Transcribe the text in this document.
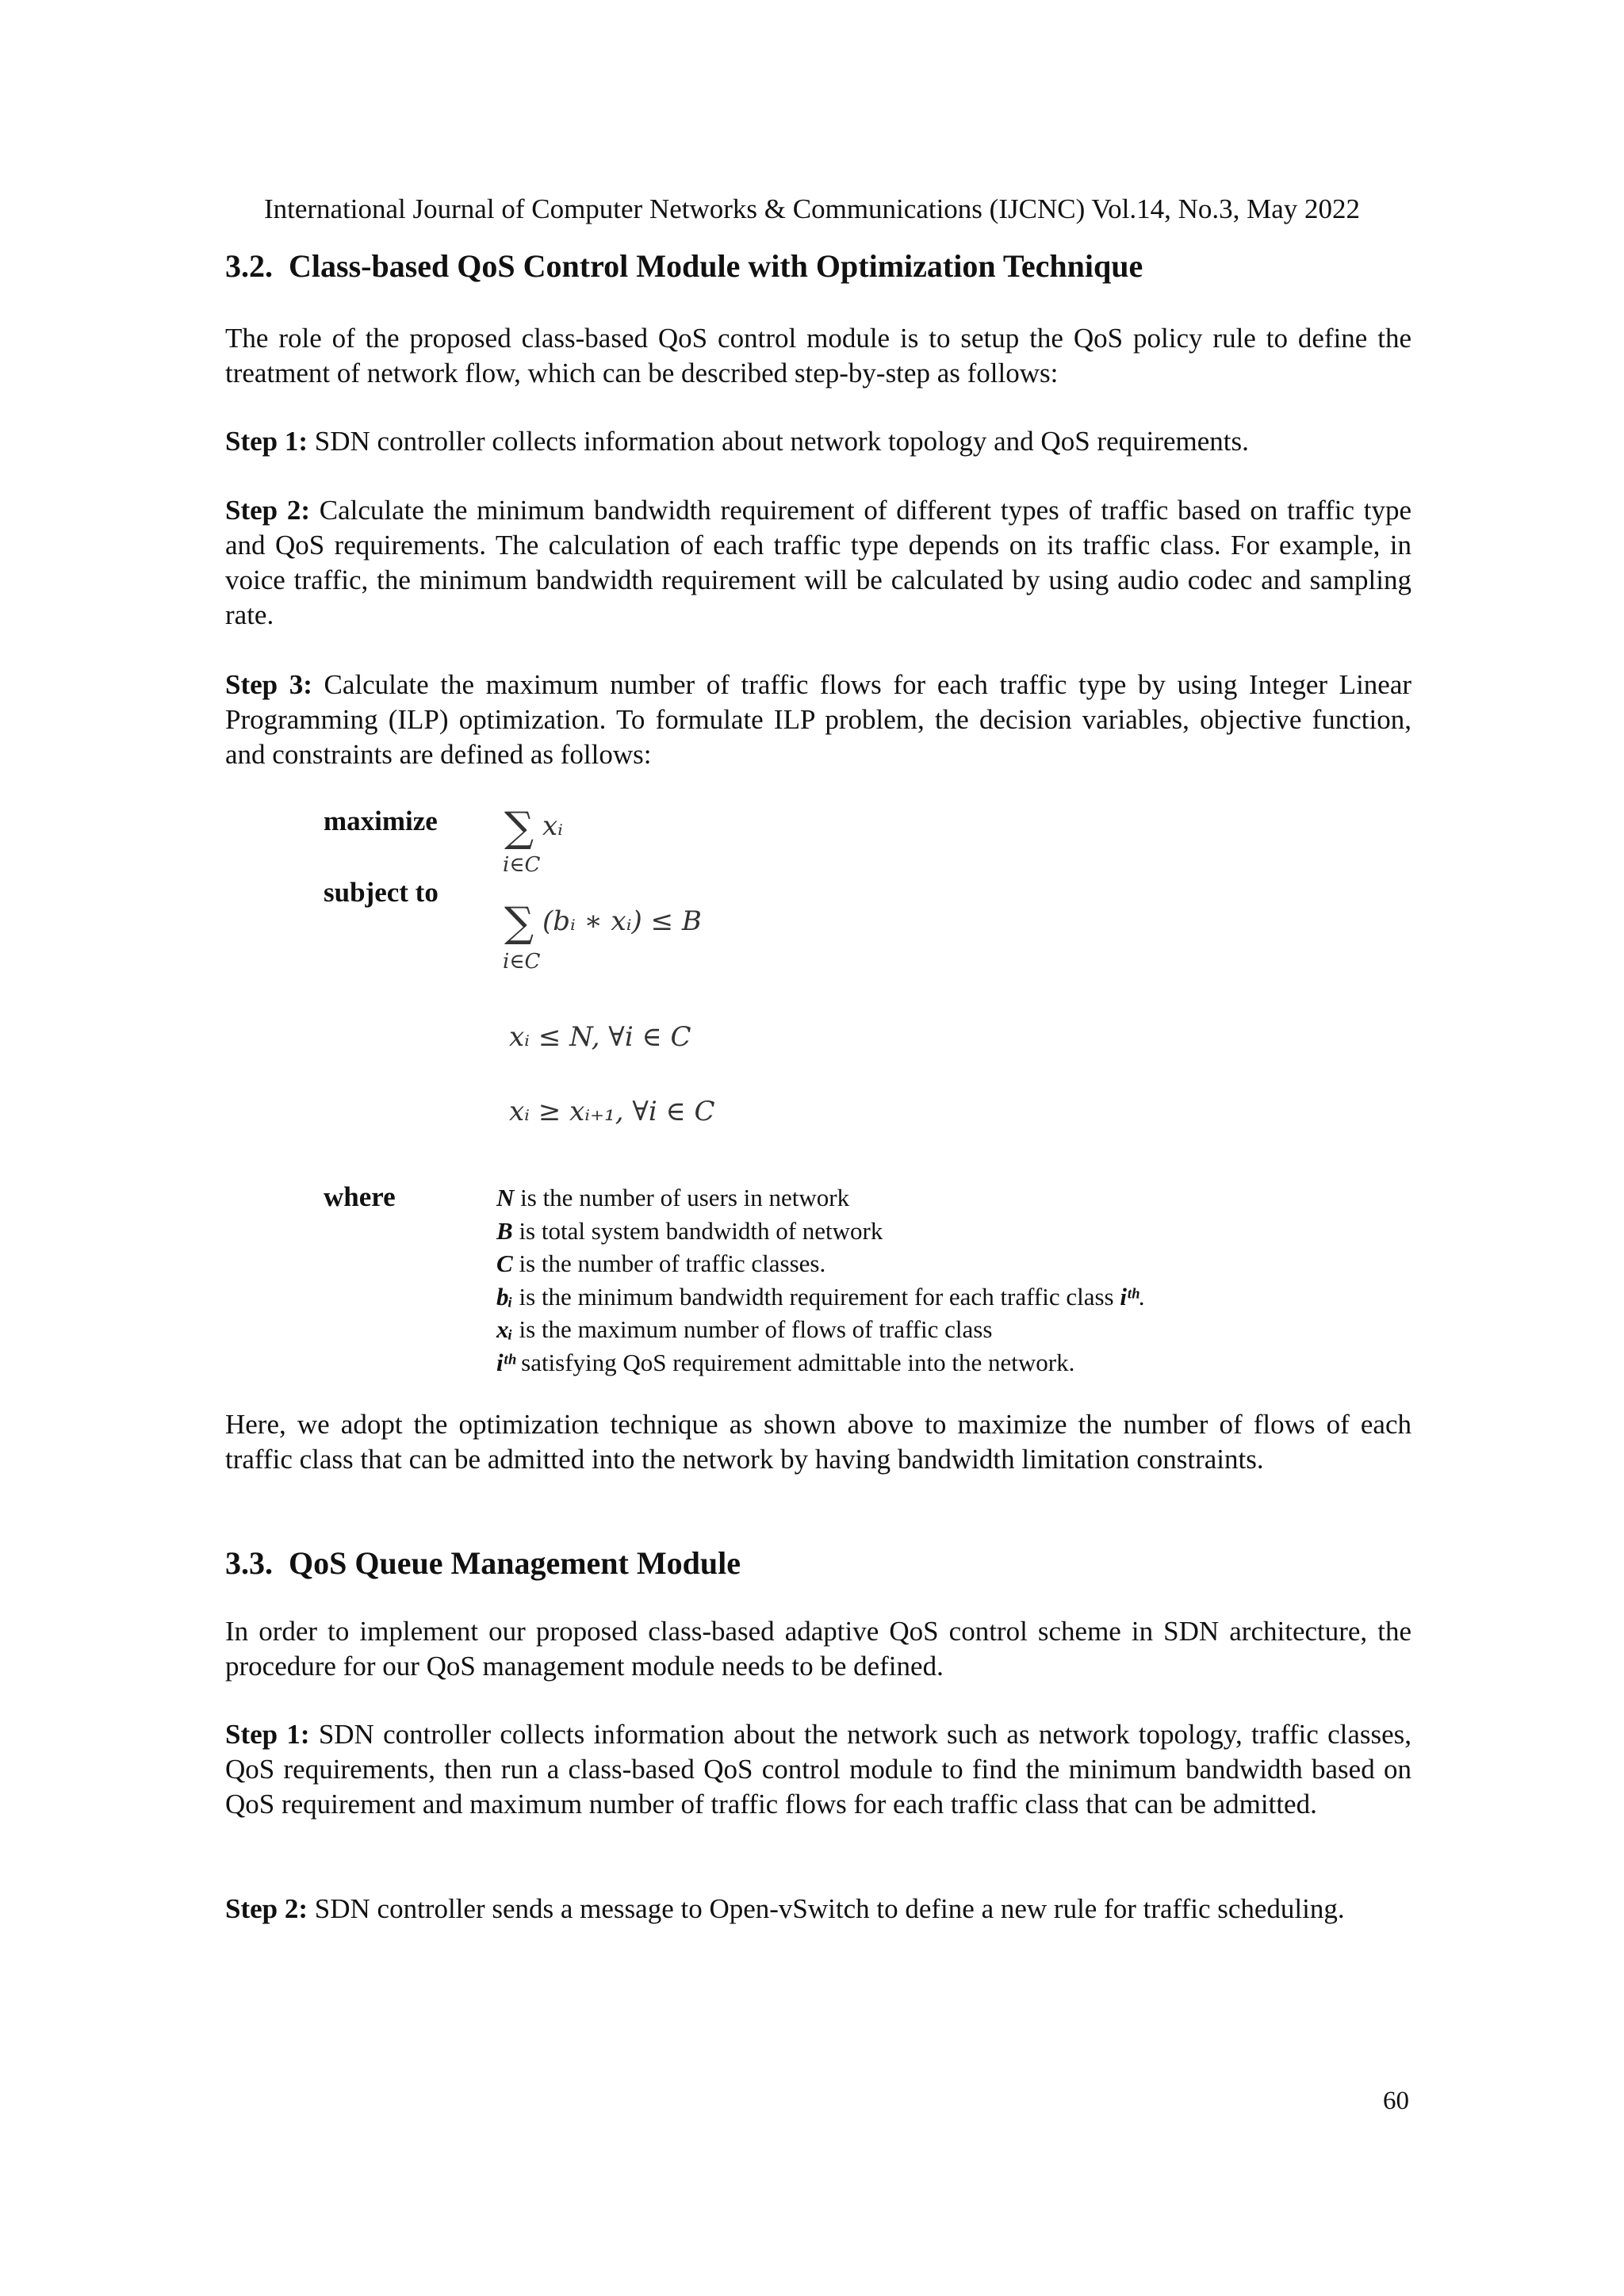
International Journal of Computer Networks & Communications (IJCNC) Vol.14, No.3, May 2022
3.2. Class-based QoS Control Module with Optimization Technique
The role of the proposed class-based QoS control module is to setup the QoS policy rule to define the treatment of network flow, which can be described step-by-step as follows:
Step 1: SDN controller collects information about network topology and QoS requirements.
Step 2: Calculate the minimum bandwidth requirement of different types of traffic based on traffic type and QoS requirements. The calculation of each traffic type depends on its traffic class. For example, in voice traffic, the minimum bandwidth requirement will be calculated by using audio codec and sampling rate.
Step 3: Calculate the maximum number of traffic flows for each traffic type by using Integer Linear Programming (ILP) optimization. To formulate ILP problem, the decision variables, objective function, and constraints are defined as follows:
maximize
subject to
∑ xᵢ
i∈C
∑ (bᵢ ∗ xᵢ) ≤ B
i∈C
xᵢ ≤ N, ∀i ∈ C
xᵢ ≥ xᵢ₊₁, ∀i ∈ C
where	N is the number of users in network
B is total system bandwidth of network
C is the number of traffic classes.
bᵢ is the minimum bandwidth requirement for each traffic class iᵗʰ.
xᵢ is the maximum number of flows of traffic class
iᵗʰ satisfying QoS requirement admittable into the network.
Here, we adopt the optimization technique as shown above to maximize the number of flows of each traffic class that can be admitted into the network by having bandwidth limitation constraints.
3.3. QoS Queue Management Module
In order to implement our proposed class-based adaptive QoS control scheme in SDN architecture, the procedure for our QoS management module needs to be defined.
Step 1: SDN controller collects information about the network such as network topology, traffic classes, QoS requirements, then run a class-based QoS control module to find the minimum bandwidth based on QoS requirement and maximum number of traffic flows for each traffic class that can be admitted.
Step 2: SDN controller sends a message to Open-vSwitch to define a new rule for traffic scheduling.
60
